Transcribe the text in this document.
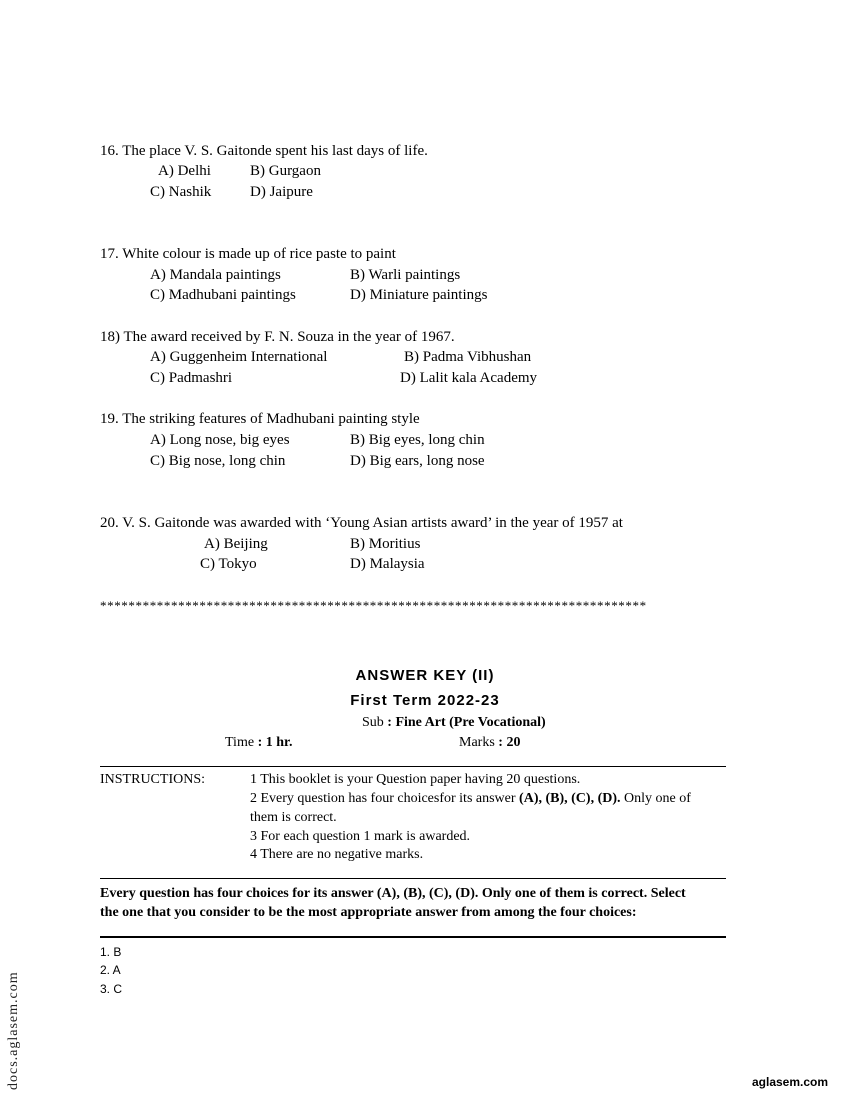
16. The place V. S. Gaitonde spent his last days of life.
A) Delhi	B) Gurgaon
C) Nashik	D) Jaipure
17. White colour is made up of rice paste to paint
A) Mandala paintings	B) Warli paintings
C) Madhubani paintings	D) Miniature paintings
18) The award received by F. N. Souza in the year of 1967.
A) Guggenheim International	B) Padma Vibhushan
C) Padmashri	D) Lalit kala Academy
19. The striking features of Madhubani painting style
A) Long nose, big eyes	B) Big eyes, long chin
C) Big nose, long chin	D) Big ears, long nose
20. V. S. Gaitonde was awarded with ‘Young Asian artists award’ in the year of 1957 at
A) Beijing	B) Moritius
C) Tokyo	D) Malaysia
*****************************************************************************
ANSWER KEY (II)
First Term 2022-23
Sub : Fine Art (Pre Vocational)
Time : 1 hr.	Marks : 20
INSTRUCTIONS:	1 This booklet is your Question paper having 20 questions.
2 Every question has four choicesfor its answer (A), (B), (C), (D). Only one of
them is correct.
3 For each question 1 mark is awarded.
4 There are no negative marks.
Every question has four choices for its answer (A), (B), (C), (D). Only one of them is correct. Select
the one that you consider to be the most appropriate answer from among the four choices:
1. B
2. A
3. C
docs.aglasem.com	aglasem.com
